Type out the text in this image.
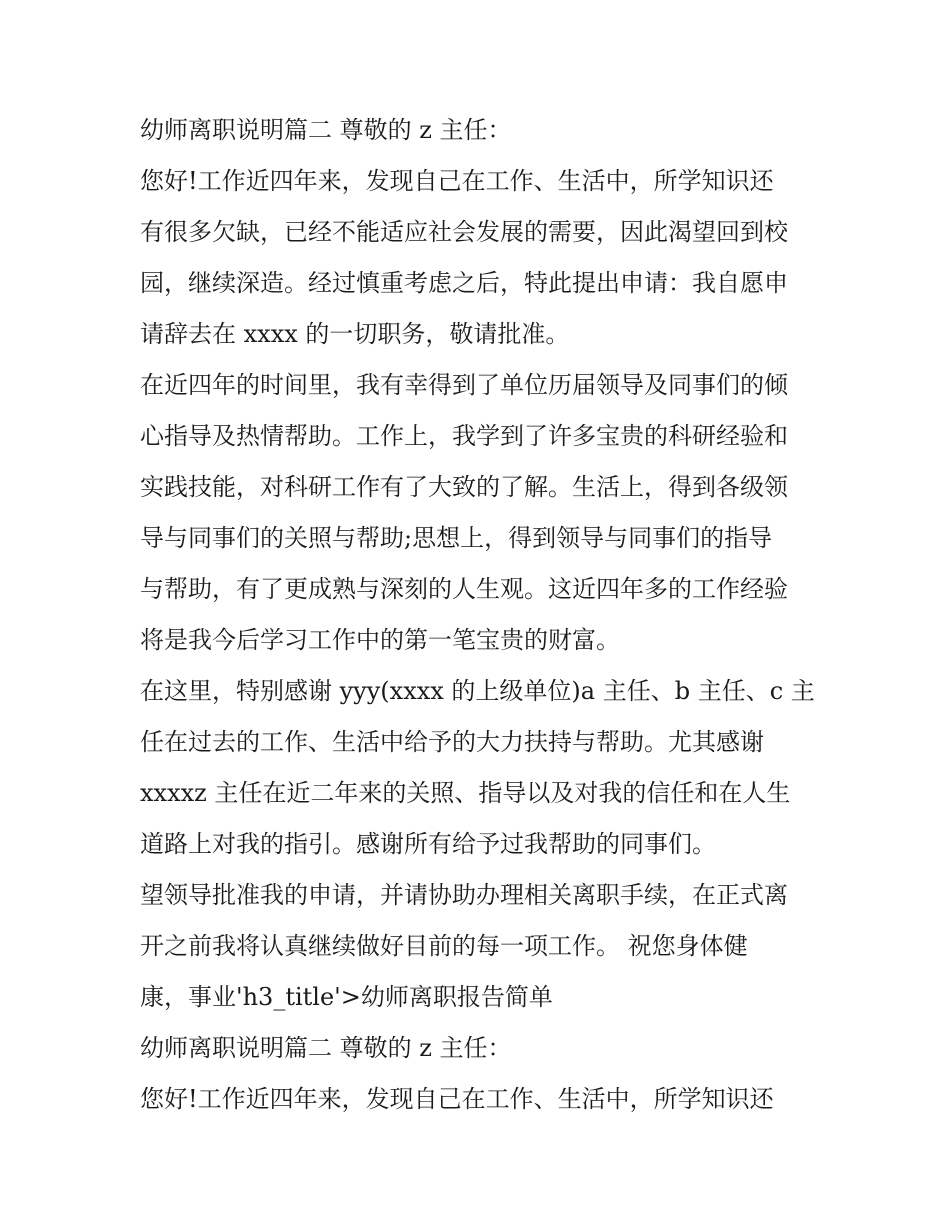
幼师离职说明篇二 尊敬的 z 主任：
您好!工作近四年来，发现自己在工作、生活中，所学知识还
有很多欠缺，已经不能适应社会发展的需要，因此渴望回到校
园，继续深造。经过慎重考虑之后，特此提出申请：我自愿申
请辞去在 xxxx 的一切职务，敬请批准。
在近四年的时间里，我有幸得到了单位历届领导及同事们的倾
心指导及热情帮助。工作上，我学到了许多宝贵的科研经验和
实践技能，对科研工作有了大致的了解。生活上，得到各级领
导与同事们的关照与帮助;思想上，得到领导与同事们的指导
与帮助，有了更成熟与深刻的人生观。这近四年多的工作经验
将是我今后学习工作中的第一笔宝贵的财富。
在这里，特别感谢 yyy(xxxx 的上级单位)a 主任、b 主任、c 主
任在过去的工作、生活中给予的大力扶持与帮助。尤其感谢
xxxxz 主任在近二年来的关照、指导以及对我的信任和在人生
道路上对我的指引。感谢所有给予过我帮助的同事们。
望领导批准我的申请，并请协助办理相关离职手续，在正式离
开之前我将认真继续做好目前的每一项工作。 祝您身体健
康，事业'h3_title'>幼师离职报告简单
幼师离职说明篇二 尊敬的 z 主任：
您好!工作近四年来，发现自己在工作、生活中，所学知识还
